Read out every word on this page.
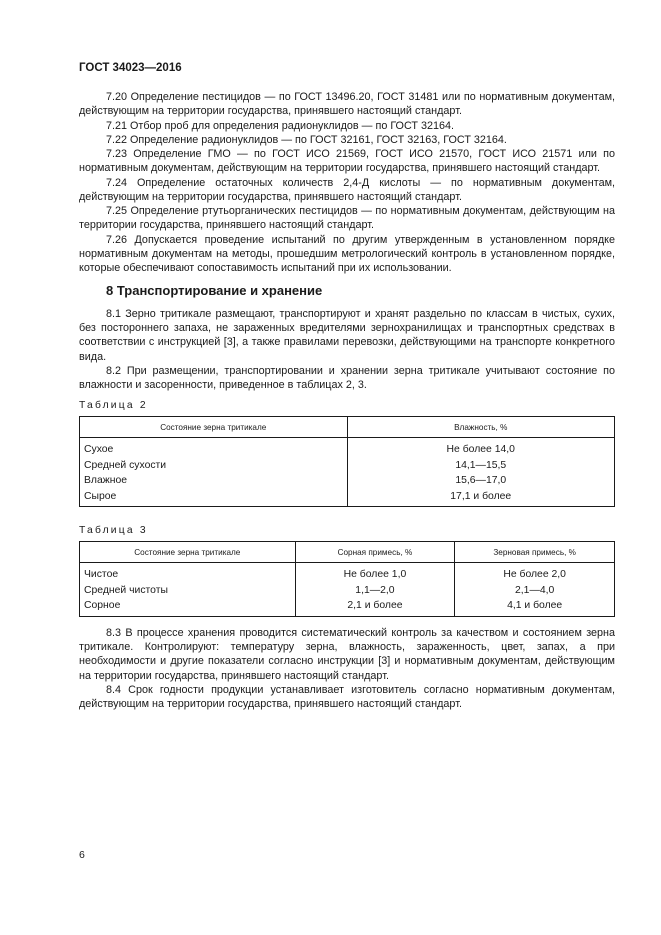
ГОСТ 34023—2016

7.20 Определение пестицидов — по ГОСТ 13496.20, ГОСТ 31481 или по нормативным документам, действующим на территории государства, принявшего настоящий стандарт.

7.21 Отбор проб для определения радионуклидов — по ГОСТ 32164.

7.22 Определение радионуклидов — по ГОСТ 32161, ГОСТ 32163, ГОСТ 32164.

7.23 Определение ГМО — по ГОСТ ИСО 21569, ГОСТ ИСО 21570, ГОСТ ИСО 21571 или по нормативным документам, действующим на территории государства, принявшего настоящий стандарт.

7.24 Определение остаточных количеств 2,4-Д кислоты — по нормативным документам, действующим на территории государства, принявшего настоящий стандарт.

7.25 Определение ртутьорганических пестицидов — по нормативным документам, действующим на территории государства, принявшего настоящий стандарт.

7.26 Допускается проведение испытаний по другим утвержденным в установленном порядке нормативным документам на методы, прошедшим метрологический контроль в установленном порядке, которые обеспечивают сопоставимость испытаний при их использовании.

8 Транспортирование и хранение

8.1 Зерно тритикале размещают, транспортируют и хранят раздельно по классам в чистых, сухих, без постороннего запаха, не зараженных вредителями зернохранилищах и транспортных средствах в соответствии с инструкцией [3], а также правилами перевозки, действующими на транспорте конкретного вида.

8.2 При размещении, транспортировании и хранении зерна тритикале учитывают состояние по влажности и засоренности, приведенное в таблицах 2, 3.

Таблица 2
Состояние зерна тритикале	Влажность, %
Сухое	Не более 14,0
Средней сухости	14,1—15,5
Влажное	15,6—17,0
Сырое	17,1 и более
Таблица 3
Состояние зерна тритикале	Сорная примесь, %	Зерновая примесь, %
Чистое	Не более 1,0	Не более 2,0
Средней чистоты	1,1—2,0	2,1—4,0
Сорное	2,1 и более	4,1 и более

8.3 В процессе хранения проводится систематический контроль за качеством и состоянием зерна тритикале. Контролируют: температуру зерна, влажность, зараженность, цвет, запах, а при необходимости и другие показатели согласно инструкции [3] и нормативным документам, действующим на территории государства, принявшего настоящий стандарт.

8.4 Срок годности продукции устанавливает изготовитель согласно нормативным документам, действующим на территории государства, принявшего настоящий стандарт.

6
